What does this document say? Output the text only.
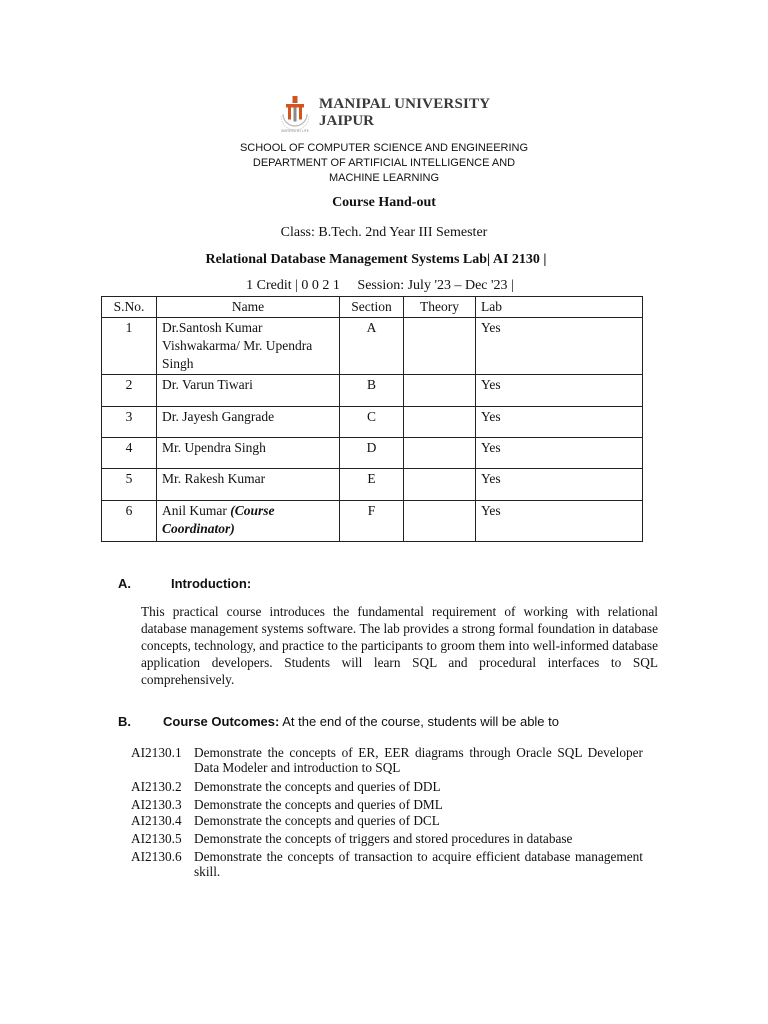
INSPIRED BY LIFE
MANIPAL UNIVERSITY
JAIPUR
SCHOOL OF COMPUTER SCIENCE AND ENGINEERING
DEPARTMENT OF ARTIFICIAL INTELLIGENCE AND
MACHINE LEARNING
Course Hand-out
Class: B.Tech. 2nd Year III Semester
Relational Database Management Systems Lab| AI 2130 |
1 Credit | 0 0 2 1     Session: July '23 – Dec '23 |
S.No.	Name	Section	Theory	Lab
1	Dr.Santosh Kumar Vishwakarma/ Mr. Upendra Singh	A		Yes
2	Dr. Varun Tiwari	B		Yes
3	Dr. Jayesh Gangrade	C		Yes
4	Mr. Upendra Singh	D		Yes
5	Mr. Rakesh Kumar	E		Yes
6	Anil Kumar (Course Coordinator)	F		Yes
A.	Introduction:
This practical course introduces the fundamental requirement of working with relational database management systems software. The lab provides a strong formal foundation in database concepts, technology, and practice to the participants to groom them into well-informed database application developers. Students will learn SQL and procedural interfaces to SQL comprehensively.
B. Course Outcomes: At the end of the course, students will be able to
AI2130.1 Demonstrate the concepts of ER, EER diagrams through Oracle SQL Developer Data Modeler and introduction to SQL
AI2130.2 Demonstrate the concepts and queries of DDL
AI2130.3 Demonstrate the concepts and queries of DML
AI2130.4 Demonstrate the concepts and queries of DCL
AI2130.5 Demonstrate the concepts of triggers and stored procedures in database
AI2130.6 Demonstrate the concepts of transaction to acquire efficient database management skill.
